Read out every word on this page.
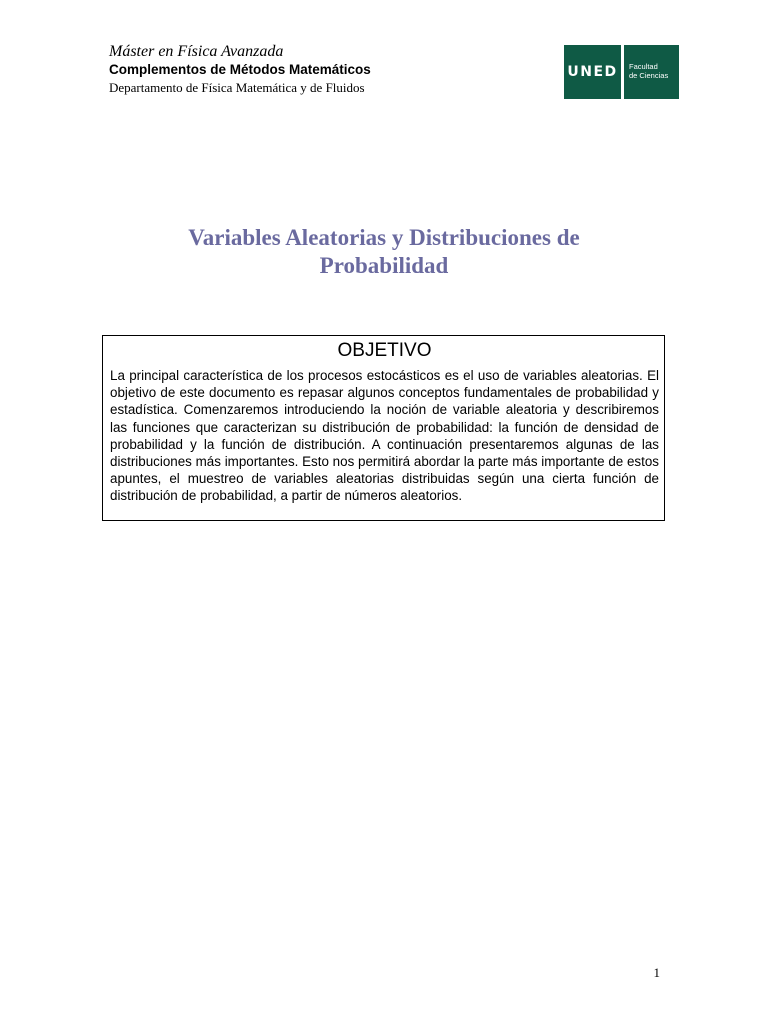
Máster en Física Avanzada

Complementos de Métodos Matemáticos

Departamento de Física Matemática y de Fluidos

UNED	Facultad
de Ciencias
Variables Aleatorias y Distribuciones de
Probabilidad

OBJETIVO

La principal característica de los procesos estocásticos es el uso de variables aleatorias. El objetivo de este documento es repasar algunos conceptos fundamentales de probabilidad y estadística. Comenzaremos introduciendo la noción de variable aleatoria y describiremos las funciones que caracterizan su distribución de probabilidad: la función de densidad de probabilidad y la función de distribución. A continuación presentaremos algunas de las distribuciones más importantes. Esto nos permitirá abordar la parte más importante de estos apuntes, el muestreo de variables aleatorias distribuidas según una cierta función de distribución de probabilidad, a partir de números aleatorios.

1
